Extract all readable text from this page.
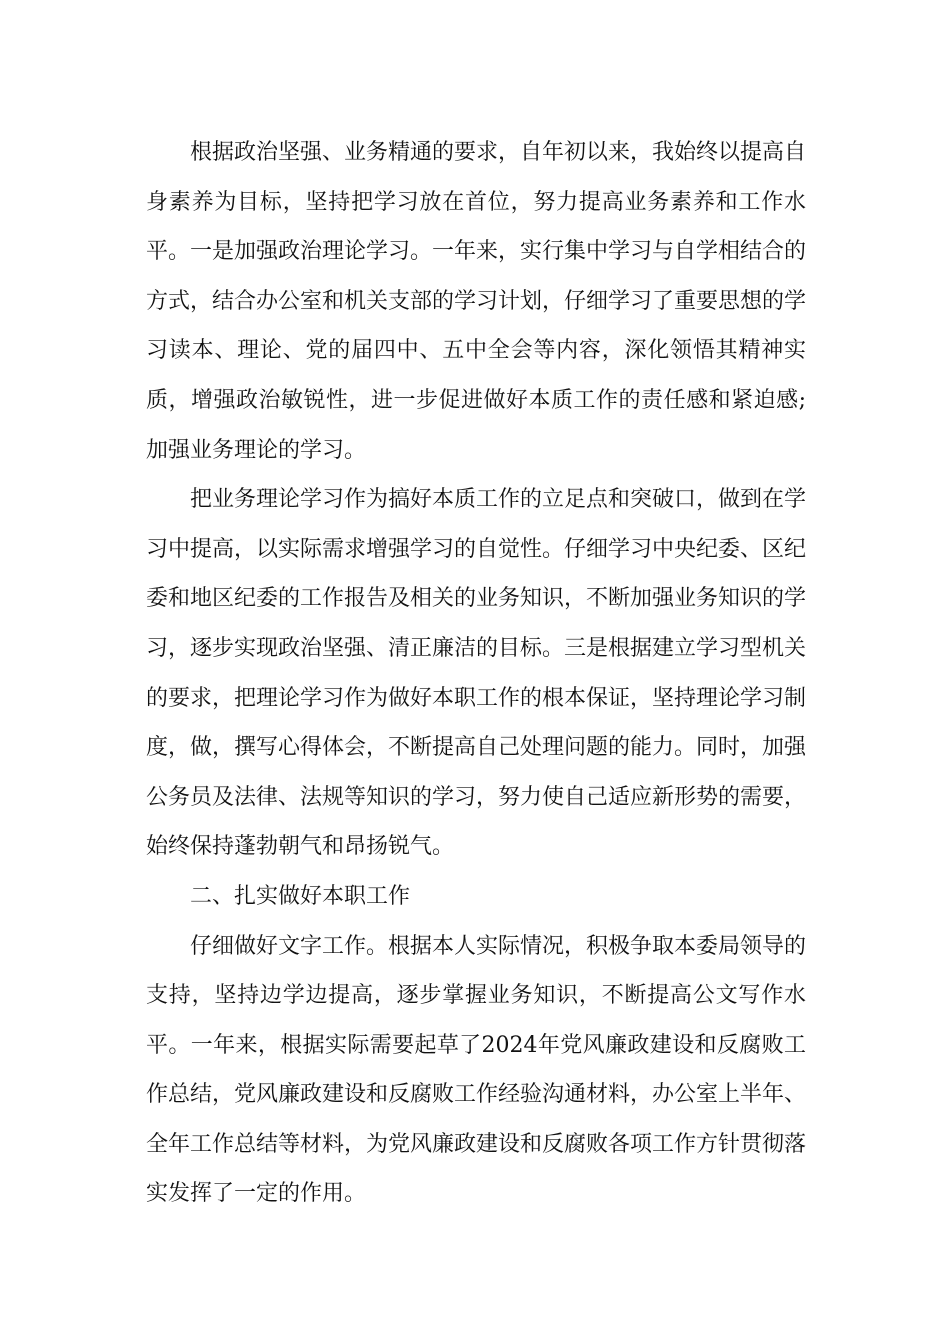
根据政治坚强、业务精通的要求，自年初以来，我始终以提高自身素养为目标，坚持把学习放在首位，努力提高业务素养和工作水平。一是加强政治理论学习。一年来，实行集中学习与自学相结合的方式，结合办公室和机关支部的学习计划，仔细学习了重要思想的学习读本、理论、党的届四中、五中全会等内容，深化领悟其精神实质，增强政治敏锐性，进一步促进做好本质工作的责任感和紧迫感;加强业务理论的学习。

把业务理论学习作为搞好本质工作的立足点和突破口，做到在学习中提高，以实际需求增强学习的自觉性。仔细学习中央纪委、区纪委和地区纪委的工作报告及相关的业务知识，不断加强业务知识的学习，逐步实现政治坚强、清正廉洁的目标。三是根据建立学习型机关的要求，把理论学习作为做好本职工作的根本保证，坚持理论学习制度，做，撰写心得体会，不断提高自己处理问题的能力。同时，加强公务员及法律、法规等知识的学习，努力使自己适应新形势的需要，始终保持蓬勃朝气和昂扬锐气。

二、扎实做好本职工作

仔细做好文字工作。根据本人实际情况，积极争取本委局领导的支持，坚持边学边提高，逐步掌握业务知识，不断提高公文写作水平。一年来，根据实际需要起草了2024年党风廉政建设和反腐败工作总结，党风廉政建设和反腐败工作经验沟通材料，办公室上半年、全年工作总结等材料，为党风廉政建设和反腐败各项工作方针贯彻落实发挥了一定的作用。
